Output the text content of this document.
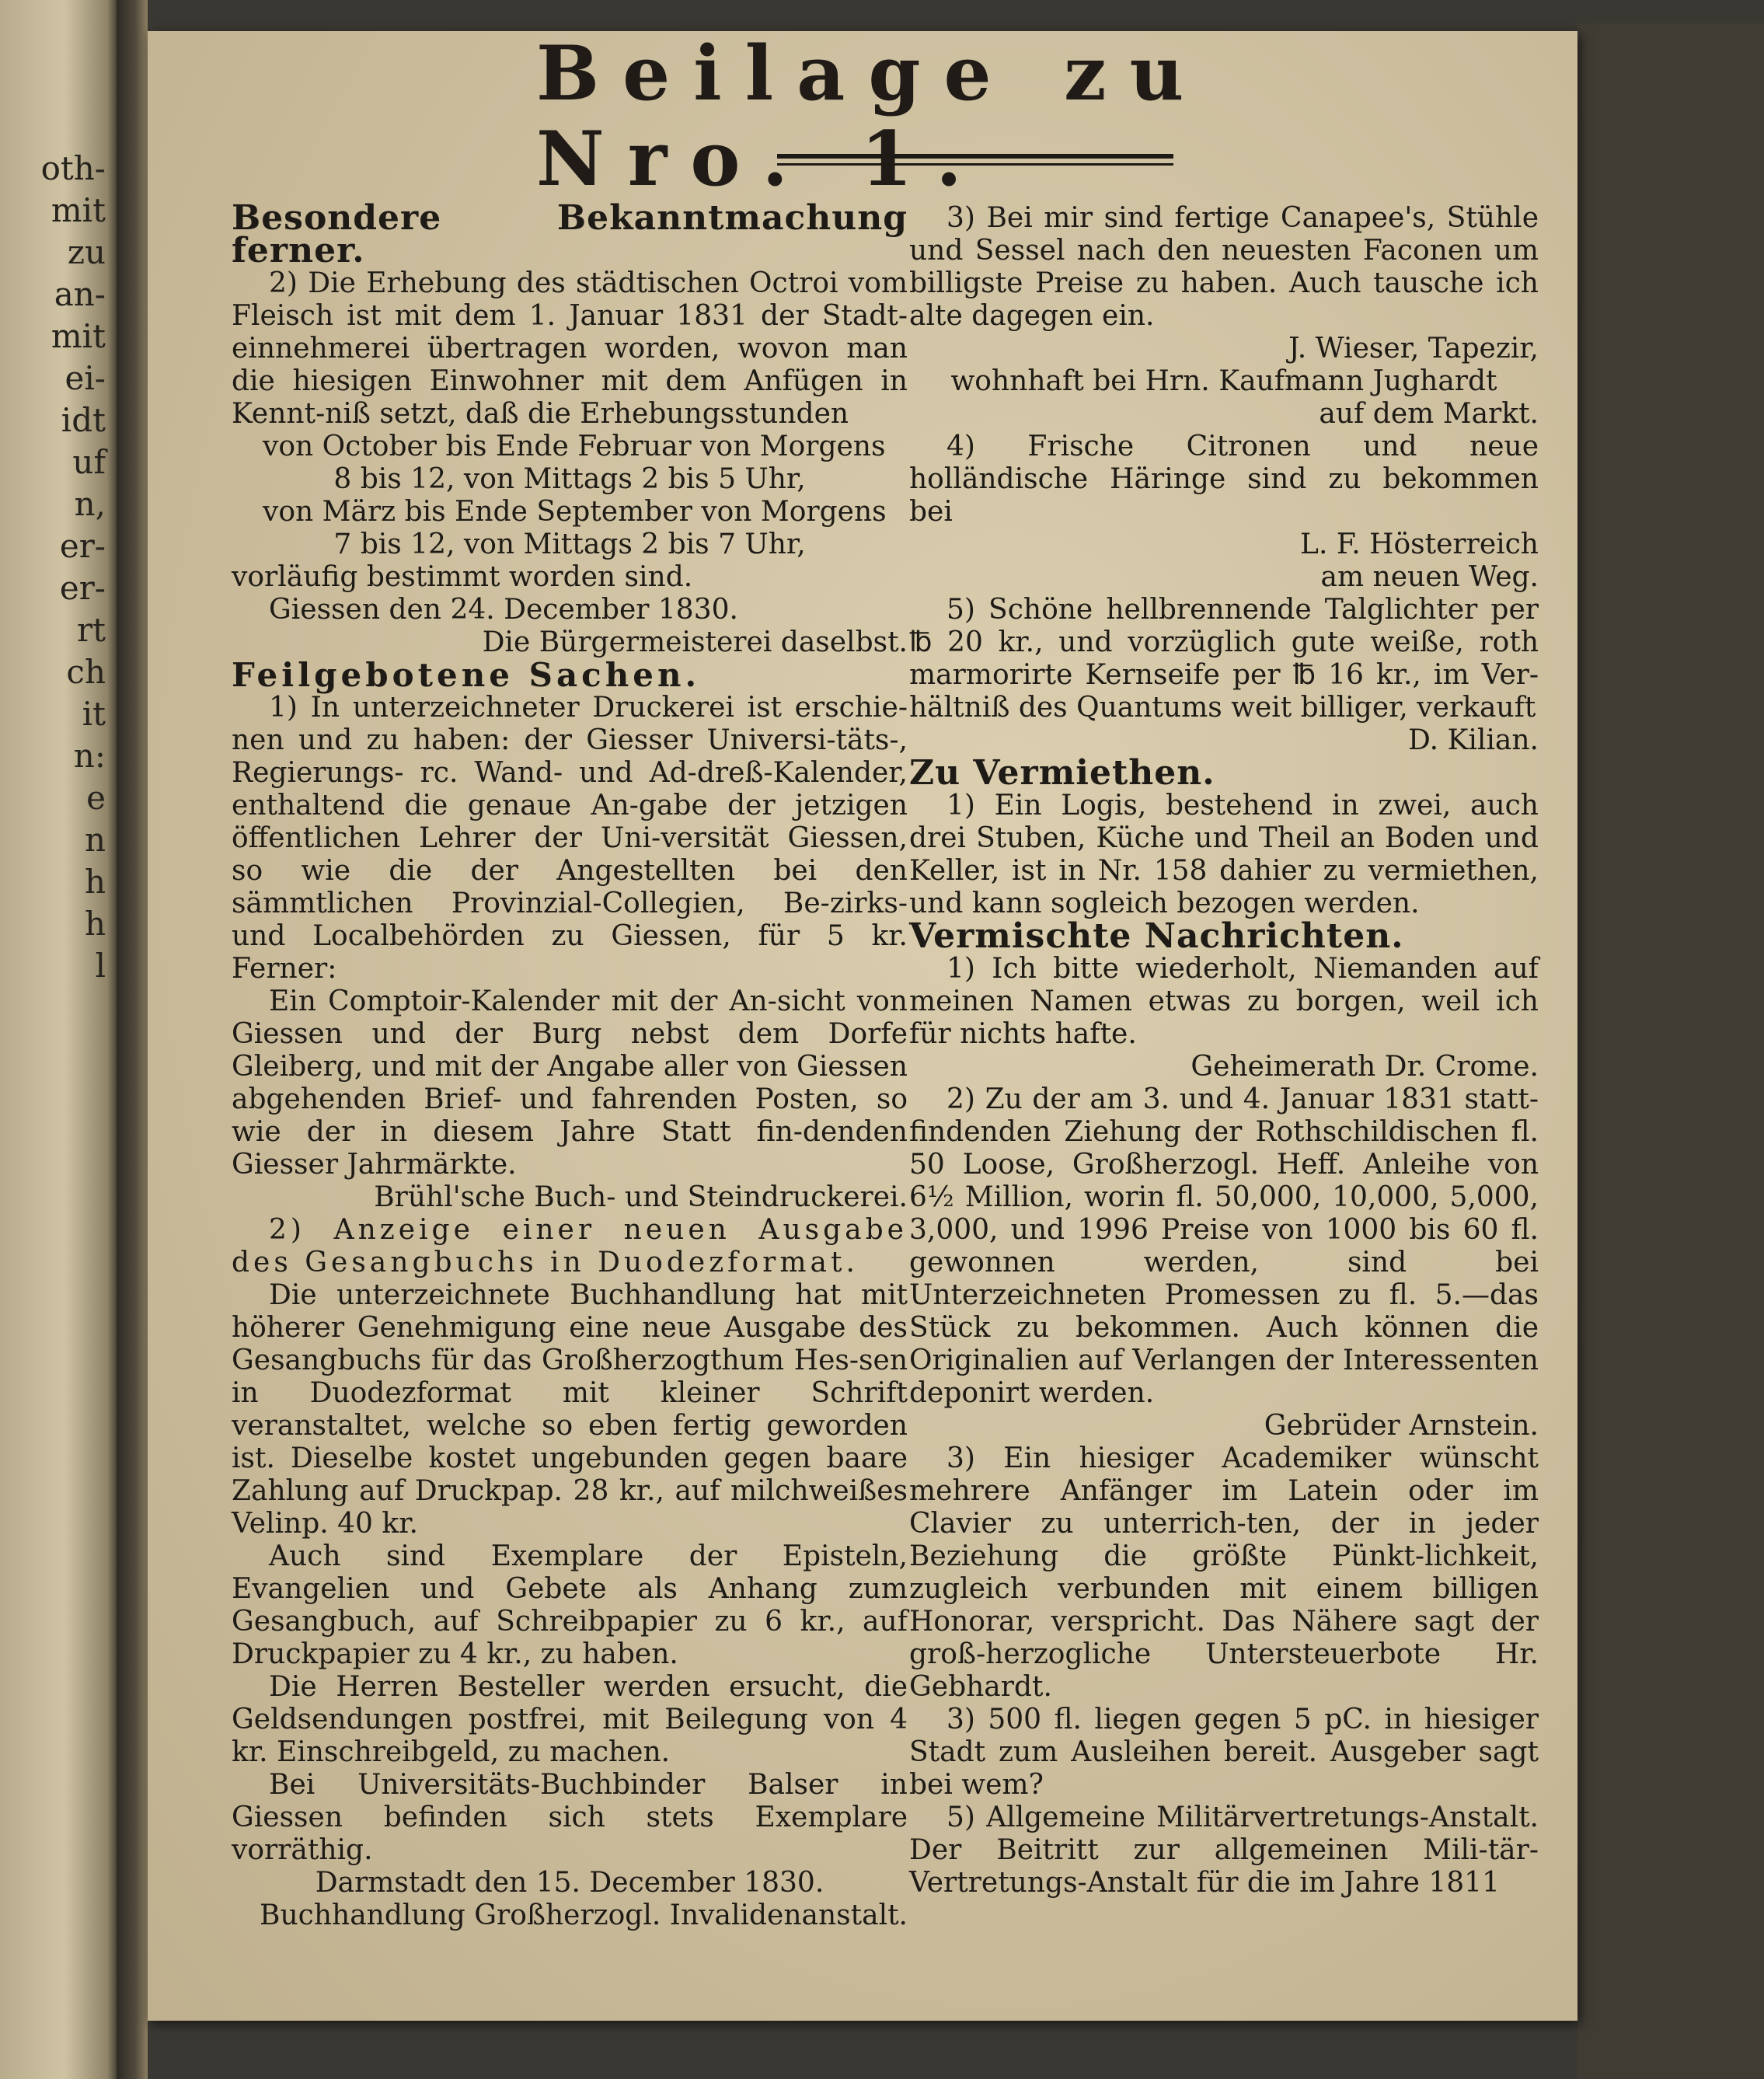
oth-
mit
zu
an-
mit
ei-
idt
uf
n,
er-
er-
rt
ch
it
n:
e
n
h
h
l
Beilage zu Nro. 1.

Besondere Bekanntmachung ferner.

2) Die Erhebung des städtischen Octroi vom Fleisch ist mit dem 1. Januar 1831 der Stadt-einnehmerei übertragen worden, wovon man die hiesigen Einwohner mit dem Anfügen in Kennt-niß setzt, daß die Erhebungsstunden

von October bis Ende Februar von Morgens

8 bis 12, von Mittags 2 bis 5 Uhr,

von März bis Ende September von Morgens

7 bis 12, von Mittags 2 bis 7 Uhr,

vorläufig bestimmt worden sind.

Giessen den 24. December 1830.

Die Bürgermeisterei daselbst.

Feilgebotene Sachen.

1) In unterzeichneter Druckerei ist erschie-nen und zu haben: der Giesser Universi-täts-, Regierungs- rc. Wand- und Ad-dreß-Kalender, enthaltend die genaue An-gabe der jetzigen öffentlichen Lehrer der Uni-versität Giessen, so wie die der Angestellten bei den sämmtlichen Provinzial-Collegien, Be-zirks- und Localbehörden zu Giessen, für 5 kr. Ferner:

Ein Comptoir-Kalender mit der An-sicht von Giessen und der Burg nebst dem Dorfe Gleiberg, und mit der Angabe aller von Giessen abgehenden Brief- und fahrenden Posten, so wie der in diesem Jahre Statt fin-denden Giesser Jahrmärkte.

Brühl'sche Buch- und Steindruckerei.

2) Anzeige einer neuen Ausgabe des Gesangbuchs in Duodezformat.

Die unterzeichnete Buchhandlung hat mit höherer Genehmigung eine neue Ausgabe des Gesangbuchs für das Großherzogthum Hes-sen in Duodezformat mit kleiner Schrift veranstaltet, welche so eben fertig geworden ist. Dieselbe kostet ungebunden gegen baare Zahlung auf Druckpap. 28 kr., auf milchweißes Velinp. 40 kr.

Auch sind Exemplare der Episteln, Evangelien und Gebete als Anhang zum Gesangbuch, auf Schreibpapier zu 6 kr., auf Druckpapier zu 4 kr., zu haben.

Die Herren Besteller werden ersucht, die Geldsendungen postfrei, mit Beilegung von 4 kr. Einschreibgeld, zu machen.

Bei Universitäts-Buchbinder Balser in Giessen befinden sich stets Exemplare vorräthig.

Darmstadt den 15. December 1830.

Buchhandlung Großherzogl. Invalidenanstalt.

3) Bei mir sind fertige Canapee's, Stühle und Sessel nach den neuesten Faconen um billigste Preise zu haben. Auch tausche ich alte dagegen ein.

J. Wieser, Tapezir,

wohnhaft bei Hrn. Kaufmann Jughardt

auf dem Markt.

4) Frische Citronen und neue holländische Häringe sind zu bekommen bei

L. F. Hösterreich

am neuen Weg.

5) Schöne hellbrennende Talglichter per ℔ 20 kr., und vorzüglich gute weiße, roth marmorirte Kernseife per ℔ 16 kr., im Ver-hältniß des Quantums weit billiger, verkauft

D. Kilian.

Zu Vermiethen.

1) Ein Logis, bestehend in zwei, auch drei Stuben, Küche und Theil an Boden und Keller, ist in Nr. 158 dahier zu vermiethen, und kann sogleich bezogen werden.

Vermischte Nachrichten.

1) Ich bitte wiederholt, Niemanden auf meinen Namen etwas zu borgen, weil ich für nichts hafte.

Geheimerath Dr. Crome.

2) Zu der am 3. und 4. Januar 1831 statt-findenden Ziehung der Rothschildischen fl. 50 Loose, Großherzogl. Heff. Anleihe von 6½ Million, worin fl. 50,000, 10,000, 5,000, 3,000, und 1996 Preise von 1000 bis 60 fl. gewonnen werden, sind bei Unterzeichneten Promessen zu fl. 5.—das Stück zu bekommen. Auch können die Originalien auf Verlangen der Interessenten deponirt werden.

Gebrüder Arnstein.

3) Ein hiesiger Academiker wünscht mehrere Anfänger im Latein oder im Clavier zu unterrich-ten, der in jeder Beziehung die größte Pünkt-lichkeit, zugleich verbunden mit einem billigen Honorar, verspricht. Das Nähere sagt der groß-herzogliche Untersteuerbote Hr. Gebhardt.

3) 500 fl. liegen gegen 5 pC. in hiesiger Stadt zum Ausleihen bereit. Ausgeber sagt bei wem?

5) Allgemeine Militärvertretungs-Anstalt. Der Beitritt zur allgemeinen Mili-tär-Vertretungs-Anstalt für die im Jahre 1811
